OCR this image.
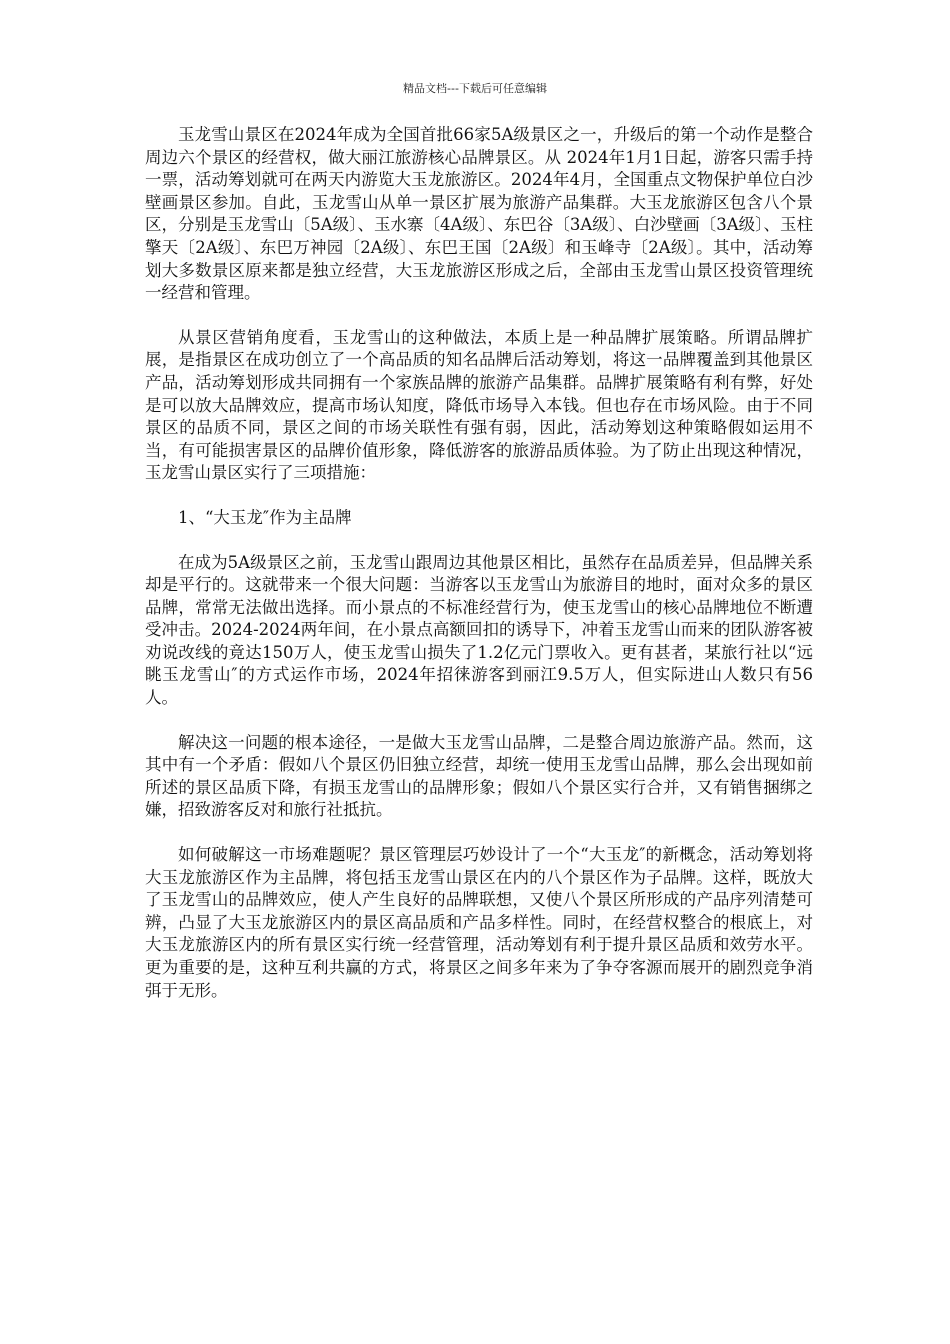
精品文档---下载后可任意编辑

玉龙雪山景区在2024年成为全国首批66家5A级景区之一，升级后的第一个动作是整合周边六个景区的经营权，做大丽江旅游核心品牌景区。从 2024年1月1日起，游客只需手持一票，活动筹划就可在两天内游览大玉龙旅游区。2024年4月，全国重点文物保护单位白沙壁画景区参加。自此，玉龙雪山从单一景区扩展为旅游产品集群。大玉龙旅游区包含八个景区，分别是玉龙雪山〔5A级〕、玉水寨〔4A级〕、东巴谷〔3A级〕、白沙壁画〔3A级〕、玉柱擎天〔2A级〕、东巴万神园〔2A级〕、东巴王国〔2A级〕和玉峰寺〔2A级〕。其中，活动筹划大多数景区原来都是独立经营，大玉龙旅游区形成之后，全部由玉龙雪山景区投资管理统一经营和管理。

从景区营销角度看，玉龙雪山的这种做法，本质上是一种品牌扩展策略。所谓品牌扩展，是指景区在成功创立了一个高品质的知名品牌后活动筹划，将这一品牌覆盖到其他景区产品，活动筹划形成共同拥有一个家族品牌的旅游产品集群。品牌扩展策略有利有弊，好处是可以放大品牌效应，提高市场认知度，降低市场导入本钱。但也存在市场风险。由于不同景区的品质不同，景区之间的市场关联性有强有弱，因此，活动筹划这种策略假如运用不当，有可能损害景区的品牌价值形象，降低游客的旅游品质体验。为了防止出现这种情况，玉龙雪山景区实行了三项措施：

1、“大玉龙″作为主品牌

在成为5A级景区之前，玉龙雪山跟周边其他景区相比，虽然存在品质差异，但品牌关系却是平行的。这就带来一个很大问题：当游客以玉龙雪山为旅游目的地时，面对众多的景区品牌，常常无法做出选择。而小景点的不标准经营行为，使玉龙雪山的核心品牌地位不断遭受冲击。2024-2024两年间，在小景点高额回扣的诱导下，冲着玉龙雪山而来的团队游客被劝说改线的竟达150万人，使玉龙雪山损失了1.2亿元门票收入。更有甚者，某旅行社以“远眺玉龙雪山″的方式运作市场，2024年招徕游客到丽江9.5万人，但实际进山人数只有56人。

解决这一问题的根本途径，一是做大玉龙雪山品牌，二是整合周边旅游产品。然而，这其中有一个矛盾：假如八个景区仍旧独立经营，却统一使用玉龙雪山品牌，那么会出现如前所述的景区品质下降，有损玉龙雪山的品牌形象；假如八个景区实行合并，又有销售捆绑之嫌，招致游客反对和旅行社抵抗。

如何破解这一市场难题呢？景区管理层巧妙设计了一个“大玉龙″的新概念，活动筹划将大玉龙旅游区作为主品牌，将包括玉龙雪山景区在内的八个景区作为子品牌。这样，既放大了玉龙雪山的品牌效应，使人产生良好的品牌联想，又使八个景区所形成的产品序列清楚可辨，凸显了大玉龙旅游区内的景区高品质和产品多样性。同时，在经营权整合的根底上，对大玉龙旅游区内的所有景区实行统一经营管理，活动筹划有利于提升景区品质和效劳水平。更为重要的是，这种互利共赢的方式，将景区之间多年来为了争夺客源而展开的剧烈竞争消弭于无形。
